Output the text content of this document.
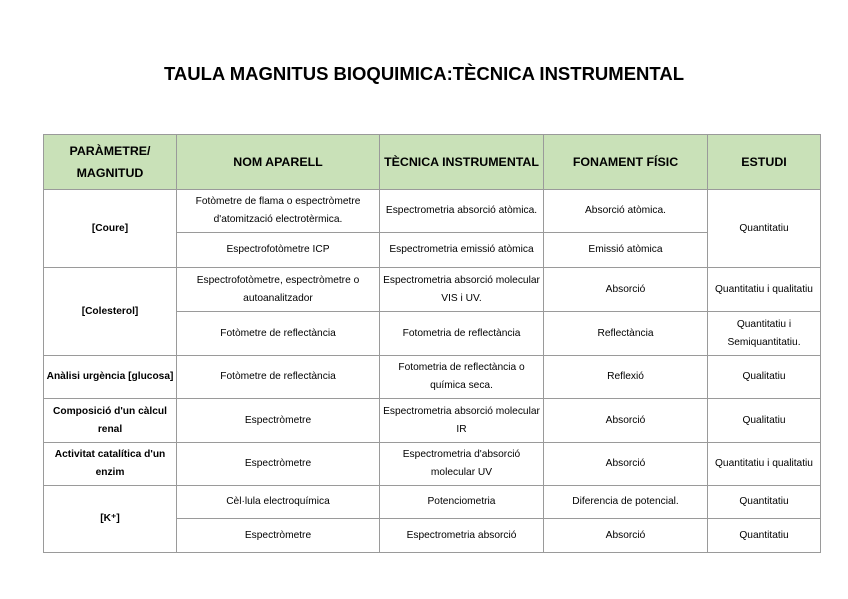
TAULA MAGNITUS BIOQUIMICA:TÈCNICA INSTRUMENTAL
PARÀMETRE/ MAGNITUD	NOM APARELL	TÈCNICA INSTRUMENTAL	FONAMENT FÍSIC	ESTUDI
[Coure]	Fotòmetre de flama o espectròmetre d'atomització electrotèrmica.	Espectrometria absorció atòmica.	Absorció atòmica.	Quantitatiu
	Espectrofotòmetre ICP	Espectrometria emissió atòmica	Emissió atòmica	
[Colesterol]	Espectrofotòmetre, espectròmetre o autoanalitzador	Espectrometria absorció molecular VIS i UV.	Absorció	Quantitatiu i qualitatiu
	Fotòmetre de reflectància	Fotometria de reflectància	Reflectància	Quantitatiu i Semiquantitatiu.
Anàlisi urgència [glucosa]	Fotòmetre de reflectància	Fotometria de reflectància o química seca.	Reflexió	Qualitatiu
Composició d'un càlcul renal	Espectròmetre	Espectrometria absorció molecular IR	Absorció	Qualitatiu
Activitat catalítica d'un enzim	Espectròmetre	Espectrometria d'absorció molecular UV	Absorció	Quantitatiu i qualitatiu
[K⁺]	Cèl·lula electroquímica	Potenciometria	Diferencia de potencial.	Quantitatiu
	Espectròmetre	Espectrometria absorció	Absorció	Quantitatiu
